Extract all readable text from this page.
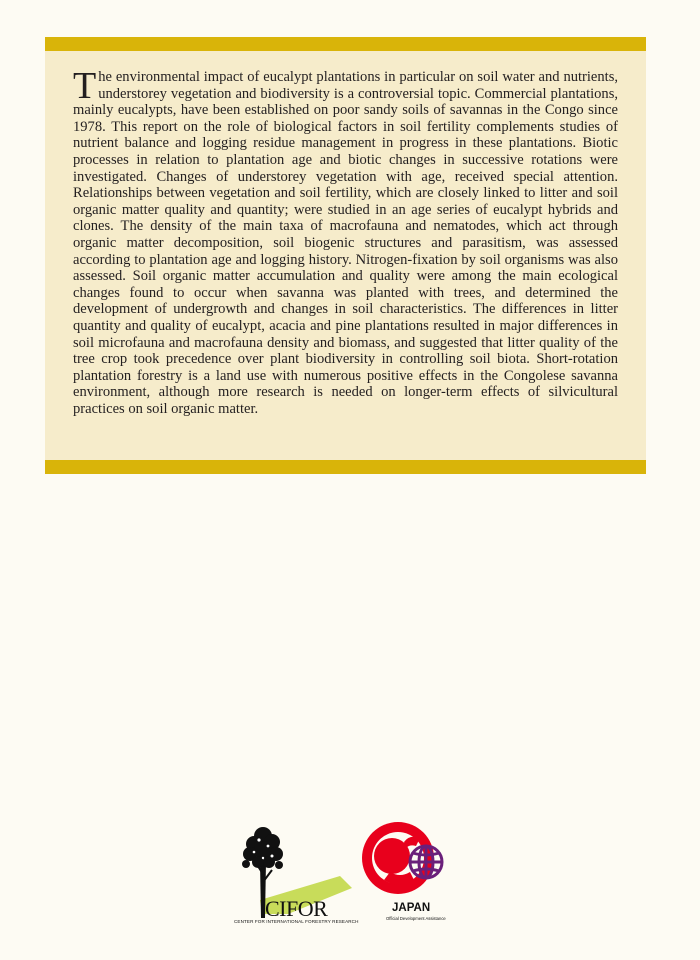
The environmental impact of eucalypt plantations in particular on soil water and nutrients, understorey vegetation and biodiversity is a controversial topic. Commercial plantations, mainly eucalypts, have been established on poor sandy soils of savannas in the Congo since 1978. This report on the role of biological factors in soil fertility complements studies of nutrient balance and logging residue management in progress in these plantations. Biotic processes in relation to plantation age and biotic changes in successive rotations were investigated. Changes of understorey vegetation with age, received special attention. Relationships between vegetation and soil fertility, which are closely linked to litter and soil organic matter quality and quantity; were studied in an age series of eucalypt hybrids and clones. The density of the main taxa of macrofauna and nematodes, which act through organic matter decomposition, soil biogenic structures and parasitism, was assessed according to plantation age and logging history. Nitrogen-fixation by soil organisms was also assessed. Soil organic matter accumulation and quality were among the main ecological changes found to occur when savanna was planted with trees, and determined the development of undergrowth and changes in soil characteristics. The differences in litter quantity and quality of eucalypt, acacia and pine plantations resulted in major differences in soil microfauna and macrofauna density and biomass, and suggested that litter quality of the tree crop took precedence over plant biodiversity in controlling soil biota. Short-rotation plantation forestry is a land use with numerous positive effects in the Congolese savanna environment, although more research is needed on longer-term effects of silvicultural practices on soil organic matter.

CIFOR
CENTER FOR INTERNATIONAL FORESTRY RESEARCH
JAPAN
Official Development Assistance
